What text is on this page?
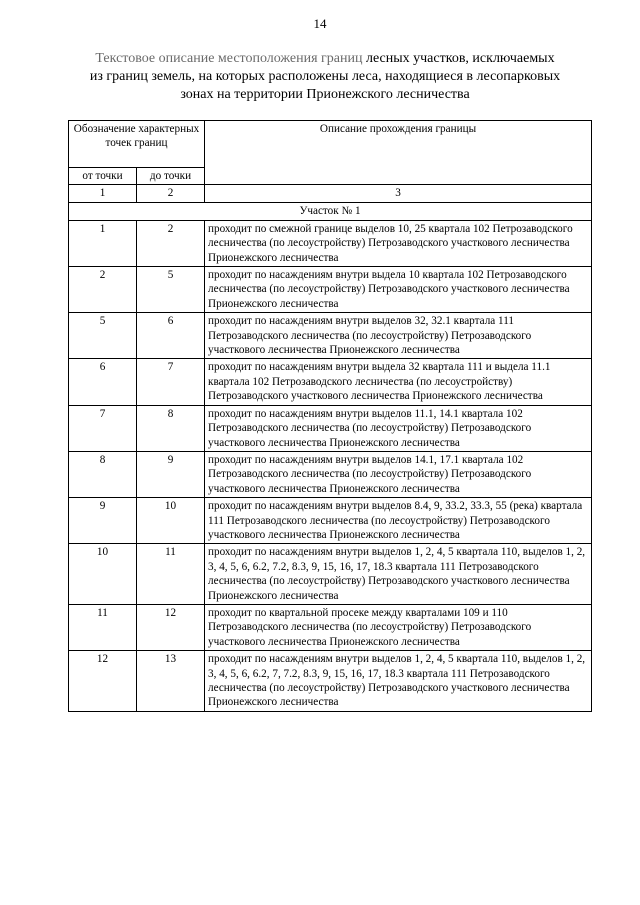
14
Текстовое описание местоположения границ лесных участков, исключаемых
из границ земель, на которых расположены леса, находящиеся в лесопарковых
зонах на территории Прионежского лесничества
Обозначение характерных точек границ		Описание прохождения границы
от точки	до точки	
1	2	3
Участок № 1		
1	2	проходит по смежной границе выделов 10, 25 квартала 102 Петрозаводского лесничества (по лесоустройству) Петрозаводского участкового лесничества Прионежского лесничества
2	5	проходит по насаждениям внутри выдела 10 квартала 102 Петрозаводского лесничества (по лесоустройству) Петрозаводского участкового лесничества Прионежского лесничества
5	6	проходит по насаждениям внутри выделов 32, 32.1 квартала 111 Петрозаводского лесничества (по лесоустройству) Петрозаводского участкового лесничества Прионежского лесничества
6	7	проходит по насаждениям внутри выдела 32 квартала 111 и выдела 11.1 квартала 102 Петрозаводского лесничества (по лесоустройству) Петрозаводского участкового лесничества Прионежского лесничества
7	8	проходит по насаждениям внутри выделов 11.1, 14.1 квартала 102 Петрозаводского лесничества (по лесоустройству) Петрозаводского участкового лесничества Прионежского лесничества
8	9	проходит по насаждениям внутри выделов 14.1, 17.1 квартала 102 Петрозаводского лесничества (по лесоустройству) Петрозаводского участкового лесничества Прионежского лесничества
9	10	проходит по насаждениям внутри выделов 8.4, 9, 33.2, 33.3, 55 (река) квартала 111 Петрозаводского лесничества (по лесоустройству) Петрозаводского участкового лесничества Прионежского лесничества
10	11	проходит по насаждениям внутри выделов 1, 2, 4, 5 квартала 110, выделов 1, 2, 3, 4, 5, 6, 6.2, 7.2, 8.3, 9, 15, 16, 17, 18.3 квартала 111 Петрозаводского лесничества (по лесоустройству) Петрозаводского участкового лесничества Прионежского лесничества
11	12	проходит по квартальной просеке между кварталами 109 и 110 Петрозаводского лесничества (по лесоустройству) Петрозаводского участкового лесничества Прионежского лесничества
12	13	проходит по насаждениям внутри выделов 1, 2, 4, 5 квартала 110, выделов 1, 2, 3, 4, 5, 6, 6.2, 7, 7.2, 8.3, 9, 15, 16, 17, 18.3 квартала 111 Петрозаводского лесничества (по лесоустройству) Петрозаводского участкового лесничества Прионежского лесничества
